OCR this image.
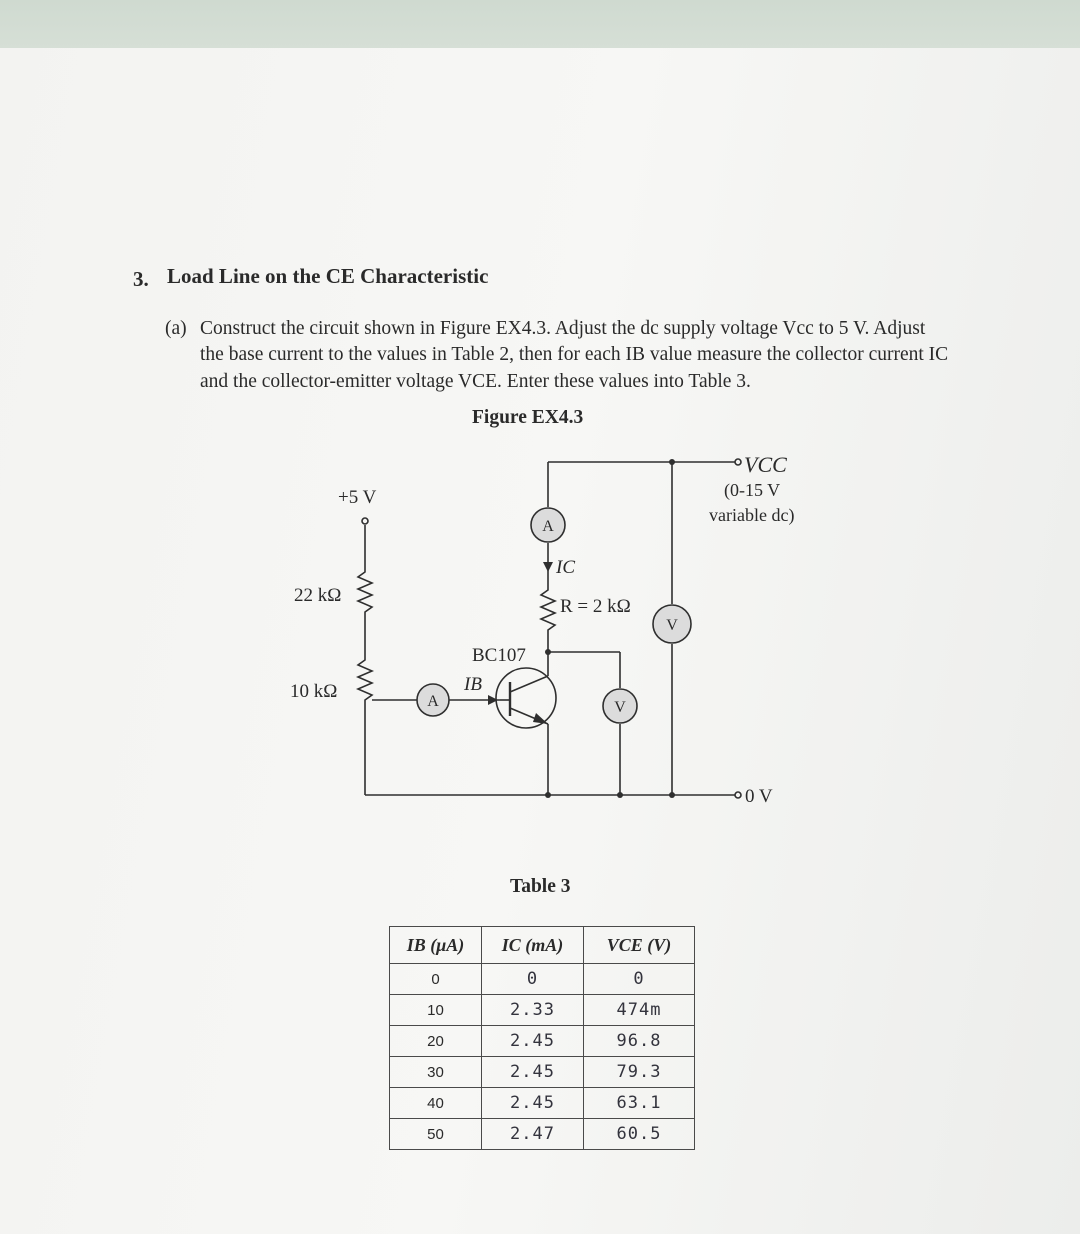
3. Load Line on the CE Characteristic
(a) Construct the circuit shown in Figure EX4.3. Adjust the dc supply voltage Vcc to 5 V. Adjust
the base current to the values in Table 2, then for each IB value measure the collector current IC
and the collector-emitter voltage VCE. Enter these values into Table 3.
Figure EX4.3
+5 V
22 kΩ
10 kΩ	A
IB
BC107
A
IC
R = 2 kΩ
V
V
VCC
(0-15 V
variable dc)
0 V
Table 3
IB (μA)	IC (mA)	VCE (V)
0	0	0
10	2.33	474m
20	2.45	96.8
30	2.45	79.3
40	2.45	63.1
50	2.47	60.5
